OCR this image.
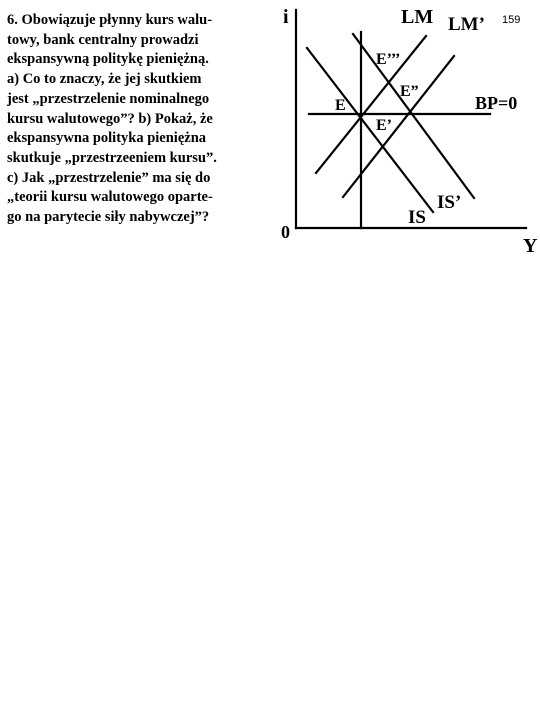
159
6. Obowiązuje płynny kurs walu-
towy, bank centralny prowadzi
ekspansywną politykę pieniężną.
a) Co to znaczy, że jej skutkiem
jest „przestrzelenie nominalnego
kursu walutowego”? b) Pokaż, że
ekspansywna polityka pieniężna
skutkuje „przestrzeeniem kursu”.
c) Jak „przestrzelenie” ma się do
„teorii kursu walutowego oparte-
go na parytecie siły nabywczej”?
i
0
Y
LM LM’
BP=0
IS
IS’
E
E’
E”
E’’’
